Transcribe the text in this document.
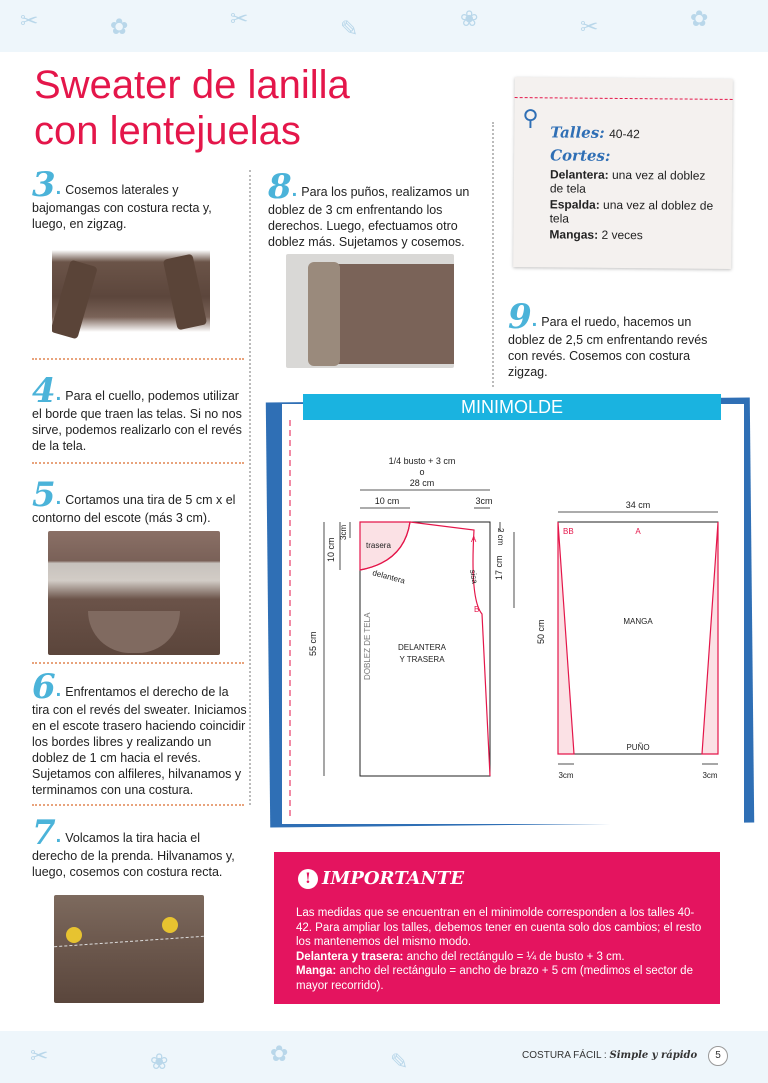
✂	✿	✂	✎	❀	✂	✿
✂	❀	✿	✎
Sweater de lanilla
con lentejuelas
3. Cosemos laterales y bajomangas con costura recta y, luego, en zigzag.
4. Para el cuello, podemos utilizar el borde que traen las telas. Si no nos sirve, podemos realizarlo con el revés de la tela.
5. Cortamos una tira de 5 cm x el contorno del escote (más 3 cm).
6. Enfrentamos el derecho de la tira con el revés del sweater. Iniciamos en el escote trasero haciendo coincidir los bordes libres y realizando un doblez de 1 cm hacia el revés. Sujetamos con alfileres, hilvanamos y terminamos con una costura.
7. Volcamos la tira hacia el derecho de la prenda. Hilvanamos y, luego, cosemos con costura recta.
8. Para los puños, realizamos un doblez de 3 cm enfrentando los derechos. Luego, efectuamos otro doblez más. Sujetamos y cosemos.
⚲
Talles: 40-42
Cortes:
Delantera: una vez al doblez de tela
Espalda: una vez al doblez de tela
Mangas: 2 veces
9. Para el ruedo, hacemos un doblez de 2,5 cm enfrentando revés con revés. Cosemos con costura zigzag.
MINIMOLDE
1/4 busto + 3 cm
o
28 cm
10 cm	3cm
trasera
delantera	sisa
A
B
DOBLEZ DE TELA	DELANTERA
Y TRASERA
55 cm
10 cm
3cm	2 cm
17 cm
34 cm
BB	A
MANGA
PUÑO
50 cm
3cm	3cm
! IMPORTANTE
Las medidas que se encuentran en el minimolde corresponden a los talles 40-42. Para ampliar los talles, debemos tener en cuenta solo dos cambios; el resto los mantenemos del mismo modo.
Delantera y trasera: ancho del rectángulo = ¼ de busto + 3 cm.
Manga: ancho del rectángulo = ancho de brazo + 5 cm (medimos el sector de mayor recorrido).
COSTURA FÁCIL : Simple y rápido 5
